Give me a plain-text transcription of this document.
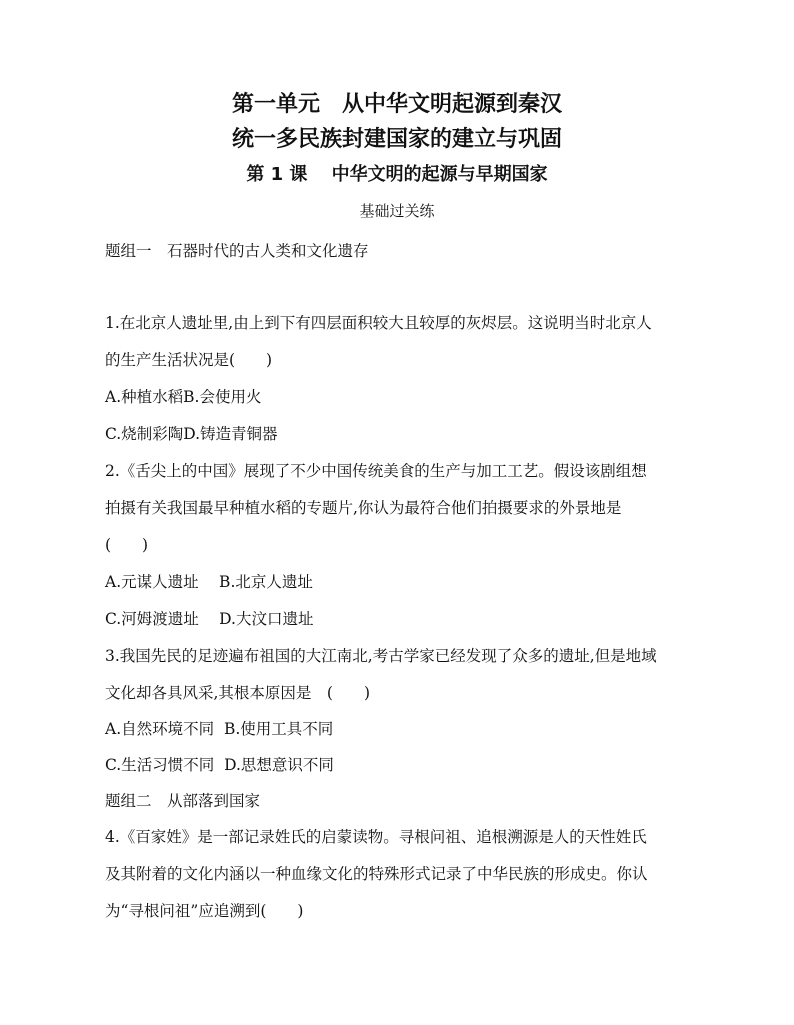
第一单元　从中华文明起源到秦汉
统一多民族封建国家的建立与巩固
第 1 课　 中华文明的起源与早期国家
基础过关练
题组一　石器时代的古人类和文化遗存
1.在北京人遗址里,由上到下有四层面积较大且较厚的灰烬层。这说明当时北京人
的生产生活状况是(　　)
A.种植水稻B.会使用火
C.烧制彩陶D.铸造青铜器
2.《舌尖上的中国》展现了不少中国传统美食的生产与加工工艺。假设该剧组想
拍摄有关我国最早种植水稻的专题片,你认为最符合他们拍摄要求的外景地是
(　　)
A.元谋人遗址　 B.北京人遗址
C.河姆渡遗址　 D.大汶口遗址
3.我国先民的足迹遍布祖国的大江南北,考古学家已经发现了众多的遗址,但是地域
文化却各具风采,其根本原因是　(　　)
A.自然环境不同  B.使用工具不同
C.生活习惯不同  D.思想意识不同
题组二　从部落到国家
4.《百家姓》是一部记录姓氏的启蒙读物。寻根问祖、追根溯源是人的天性姓氏
及其附着的文化内涵以一种血缘文化的特殊形式记录了中华民族的形成史。你认
为“寻根问祖”应追溯到(　　)
